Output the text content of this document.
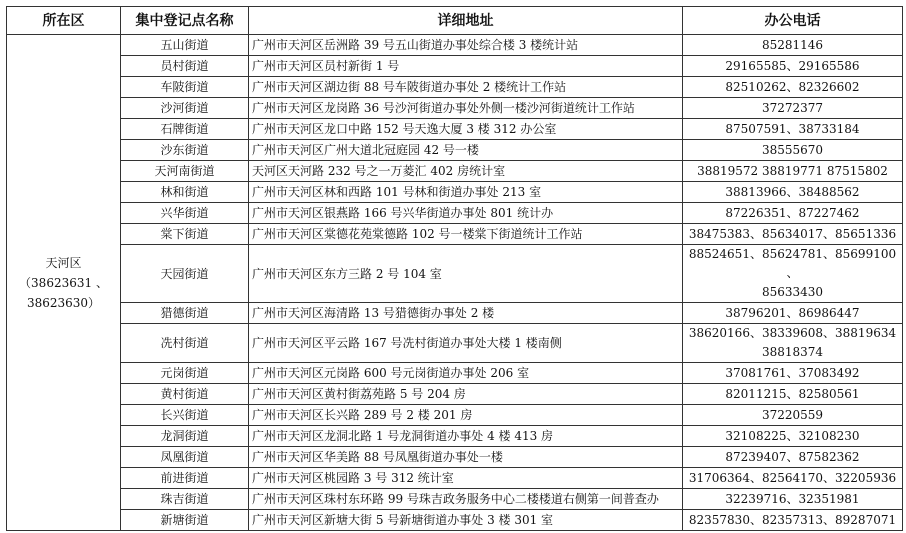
所在区	集中登记点名称	详细地址	办公电话

天河区
（38623631 、
38623630）	五山街道	广州市天河区岳洲路 39 号五山街道办事处综合楼 3 楼统计站	85281146
	员村街道	广州市天河区员村新街 1 号	29165585、29165586
	车陂街道	广州市天河区湖边街 88 号车陂街道办事处 2 楼统计工作站	82510262、82326602
	沙河街道	广州市天河区龙岗路 36 号沙河街道办事处外侧一楼沙河街道统计工作站	37272377
	石牌街道	广州市天河区龙口中路 152 号天逸大厦 3 楼 312 办公室	87507591、38733184
	沙东街道	广州市天河区广州大道北冠庭园 42 号一楼	38555670
	天河南街道	天河区天河路 232 号之一万菱汇 402 房统计室	38819572 38819771 87515802
	林和街道	广州市天河区林和西路 101 号林和街道办事处 213 室	38813966、38488562
	兴华街道	广州市天河区银燕路 166 号兴华街道办事处 801 统计办	87226351、87227462
	棠下街道	广州市天河区棠德花苑棠德路 102 号一楼棠下街道统计工作站	38475383、85634017、85651336
	天园街道	广州市天河区东方三路 2 号 104 室	88524651、85624781、85699100 、
85633430

	猎德街道	广州市天河区海清路 13 号猎德街办事处 2 楼	38796201、86986447
	冼村街道	广州市天河区平云路 167 号冼村街道办事处大楼 1 楼南侧	38620166、38339608、38819634
38818374

	元岗街道	广州市天河区元岗路 600 号元岗街道办事处 206 室	37081761、37083492
	黄村街道	广州市天河区黄村街荔苑路 5 号 204 房	82011215、82580561
	长兴街道	广州市天河区长兴路 289 号 2 楼 201 房	37220559
	龙洞街道	广州市天河区龙洞北路 1 号龙洞街道办事处 4 楼 413 房	32108225、32108230
	凤凰街道	广州市天河区华美路 88 号凤凰街道办事处一楼	87239407、87582362
	前进街道	广州市天河区桃园路 3 号 312 统计室	31706364、82564170、32205936
	珠吉街道	广州市天河区珠村东环路 99 号珠吉政务服务中心二楼楼道右侧第一间普查办	32239716、32351981
	新塘街道	广州市天河区新塘大街 5 号新塘街道办事处 3 楼 301 室	82357830、82357313、89287071
